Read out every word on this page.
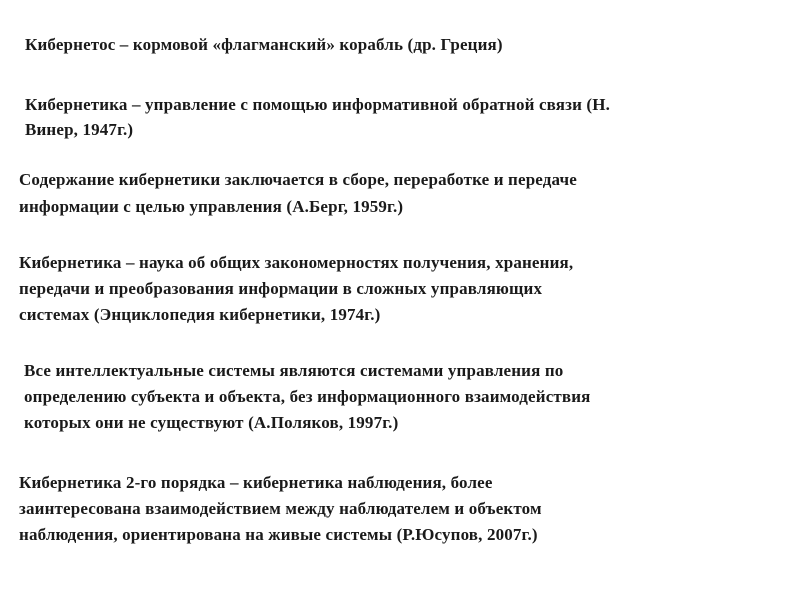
Кибернетос – кормовой «флагманский» корабль (др. Греция)

Кибернетика – управление с помощью информативной обратной связи (Н.
Винер, 1947г.)

Содержание кибернетики заключается в сборе, переработке и передаче
информации с целью управления (А.Берг, 1959г.)

Кибернетика – наука об общих закономерностях получения, хранения,
передачи и преобразования информации в сложных управляющих
системах (Энциклопедия кибернетики, 1974г.)

Все интеллектуальные системы являются системами управления по
определению субъекта и объекта, без информационного взаимодействия
которых они не существуют (А.Поляков, 1997г.)

Кибернетика 2-го порядка – кибернетика наблюдения, более
заинтересована взаимодействием между наблюдателем и объектом
наблюдения, ориентирована на живые системы (Р.Юсупов, 2007г.)
